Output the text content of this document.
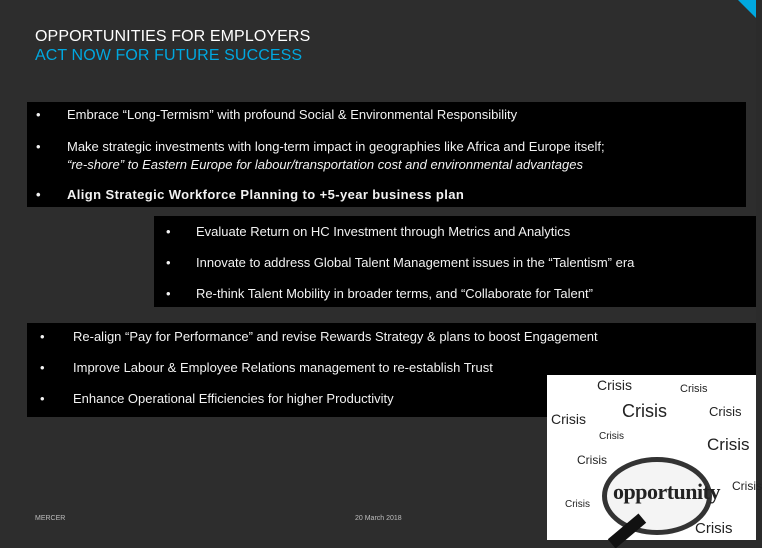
OPPORTUNITIES FOR EMPLOYERS
ACT NOW FOR FUTURE SUCCESS
• Embrace “Long-Termism” with profound Social & Environmental Responsibility
• Make strategic investments with long-term impact in geographies like Africa and Europe itself;
“re-shore” to Eastern Europe for labour/transportation cost and environmental advantages
• Align Strategic Workforce Planning to +5-year business plan
• Evaluate Return on HC Investment through Metrics and Analytics
• Innovate to address Global Talent Management issues in the “Talentism” era
• Re-think Talent Mobility in broader terms, and “Collaborate for Talent”
• Re-align “Pay for Performance” and revise Rewards Strategy & plans to boost Engagement
• Improve Labour & Employee Relations management to re-establish Trust
• Enhance Operational Efficiencies for higher Productivity
Crisis	Crisis
Crisis	Crisis
Crisis
Crisis	Crisis
Crisis
Crisis
Crisis
Crisis
opportunity
MERCER	20 March 2018
